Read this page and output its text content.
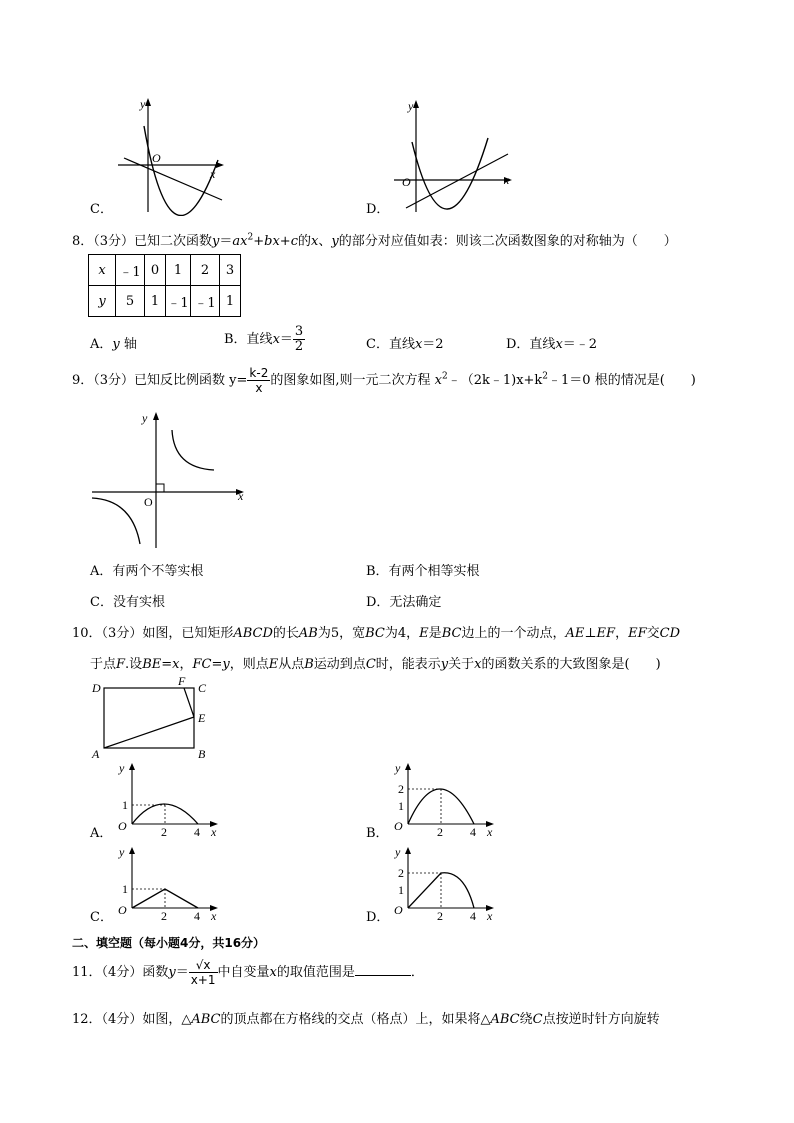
C．
y
O
x
D．
y
O	x
8．（3分）已知二次函数$y=ax^2+bx+c$的x、y的部分对应值如表：则该二次函数图象的对称轴为（　　）
x	﹣1	0	1	2	3
y	5	1	﹣1	﹣1	1
A．y 轴	B．直线$x= \frac{3}{2}$	C．直线x＝2	D．直线x＝﹣2
9．（3分）已知反比例函数 $y= \frac{k-2}{x}$ 的图象如图,则一元二次方程 $x^2﹣(2k﹣1)x+k^2﹣1=0$ 根的情况是(　　)
y
O	x
A．有两个不等实根	B．有两个相等实根
C．没有实根	D．无法确定
10．（3分）如图，已知矩形ABCD的长AB为5，宽BC为4，E是BC边上的一个动点，AE⊥EF，EF交CD
于点F.设BE=x，FC=y，则点E从点B运动到点C时，能表示y关于x的函数关系的大致图象是(　　)
D	F C
E
A	B
A．
y
1
O	2 4 x	B．
y
2
1
O	2 4 x
C．
y
1
O	2 4 x	D．
y
2
1
O	2 4 x
二、填空题（每小题4分，共16分）
11．（4分）函数$y= \frac{√x}{x+1}$ 中自变量x的取值范围是	．
12．（4分）如图，△ABC的顶点都在方格线的交点（格点）上，如果将△ABC绕C点按逆时针方向旋转
